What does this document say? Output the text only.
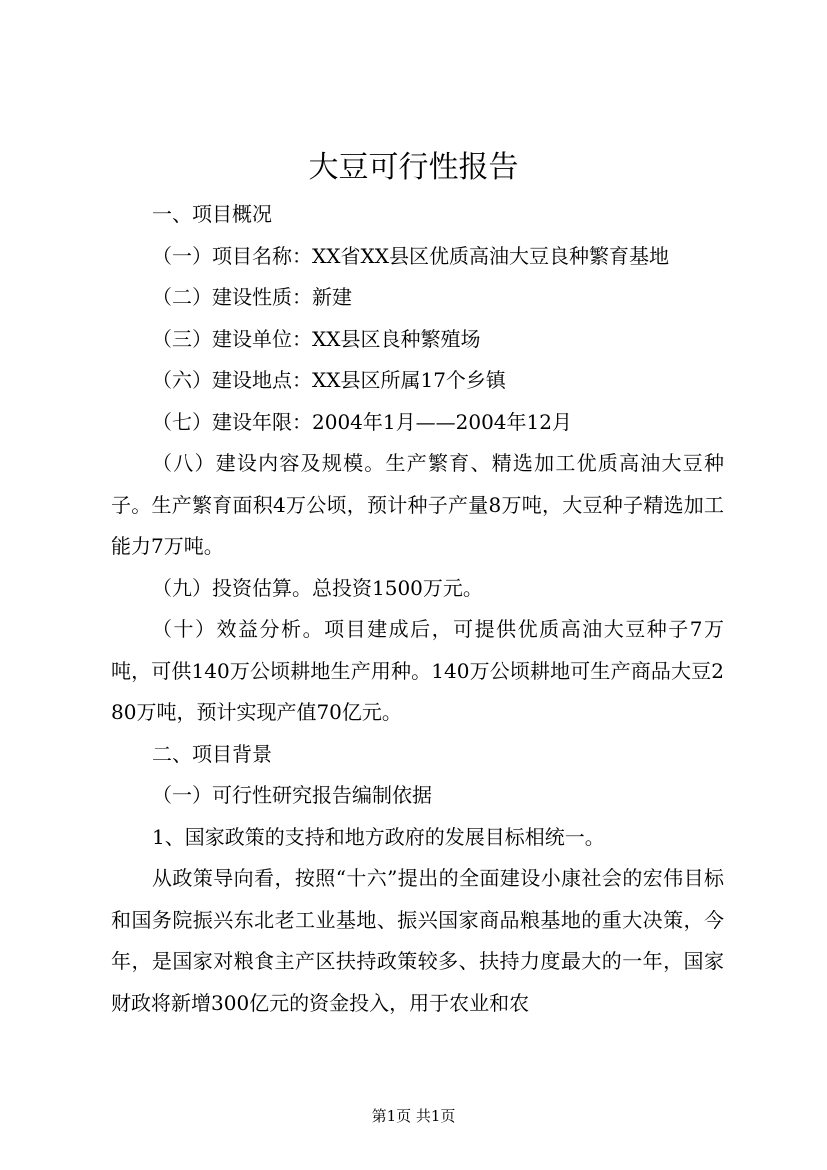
大豆可行性报告

一、项目概况

（一）项目名称：XX省XX县区优质高油大豆良种繁育基地

（二）建设性质：新建

（三）建设单位：XX县区良种繁殖场

（六）建设地点：XX县区所属17个乡镇

（七）建设年限：2004年1月——2004年12月

（八）建设内容及规模。生产繁育、精选加工优质高油大豆种子。生产繁育面积4万公顷，预计种子产量8万吨，大豆种子精选加工能力7万吨。

（九）投资估算。总投资1500万元。

（十）效益分析。项目建成后，可提供优质高油大豆种子7万吨，可供140万公顷耕地生产用种。140万公顷耕地可生产商品大豆280万吨，预计实现产值70亿元。

二、项目背景

（一）可行性研究报告编制依据

1、国家政策的支持和地方政府的发展目标相统一。

从政策导向看，按照“十六”提出的全面建设小康社会的宏伟目标和国务院振兴东北老工业基地、振兴国家商品粮基地的重大决策，今年，是国家对粮食主产区扶持政策较多、扶持力度最大的一年，国家财政将新增300亿元的资金投入，用于农业和农

第1页 共1页
